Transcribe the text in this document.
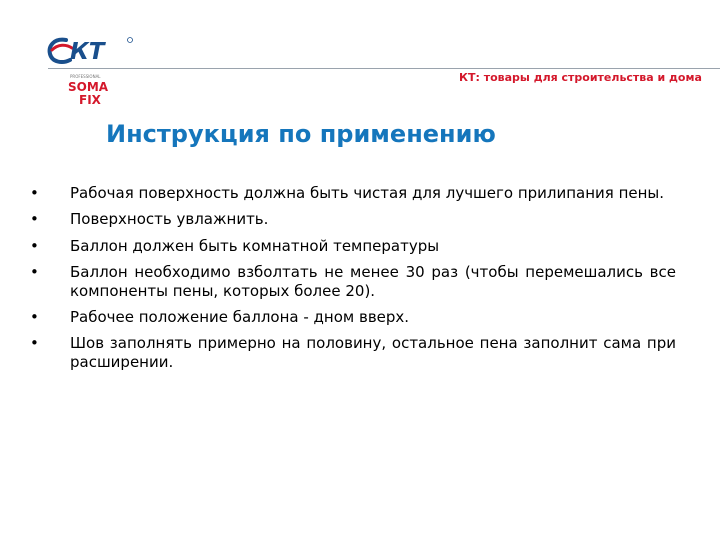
КТ
PROFESSIONAL
SOMA
FIX
КТ: товары для строительства и дома
Инструкция по применению
• Рабочая поверхность должна быть чистая для лучшего прилипания пены.
• Поверхность увлажнить.
• Баллон должен быть комнатной температуры
• Баллон необходимо взболтать не менее 30 раз (чтобы перемешались все компоненты пены, которых более 20).
• Рабочее положение баллона - дном вверх.
• Шов заполнять примерно на половину, остальное пена заполнит сама при расширении.
